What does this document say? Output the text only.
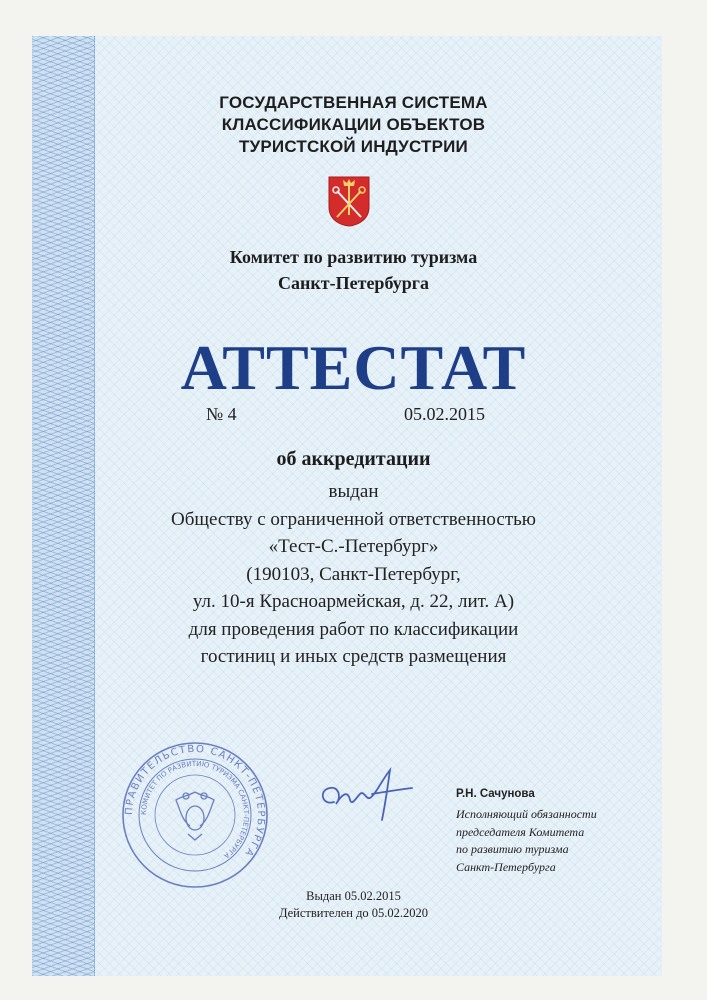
ГОСУДАРСТВЕННАЯ СИСТЕМА
КЛАССИФИКАЦИИ ОБЪЕКТОВ
ТУРИСТСКОЙ ИНДУСТРИИ
Комитет по развитию туризма
Санкт-Петербурга
АТТЕСТАТ
№ 4	05.02.2015
об аккредитации
выдан
Обществу с ограниченной ответственностью
«Тест-С.-Петербург»
(190103, Санкт-Петербург,
ул. 10-я Красноармейская, д. 22, лит. А)
для проведения работ по классификации
гостиниц и иных средств размещения
ПРАВИТЕЛЬСТВО САНКТ-ПЕТЕРБУРГА
КОМИТЕТ ПО РАЗВИТИЮ ТУРИЗМА САНКТ-ПЕТЕРБУРГА
Р.Н. Сачунова
Исполняющий обязанности
председателя Комитета
по развитию туризма
Санкт-Петербурга
Выдан 05.02.2015
Действителен до 05.02.2020
